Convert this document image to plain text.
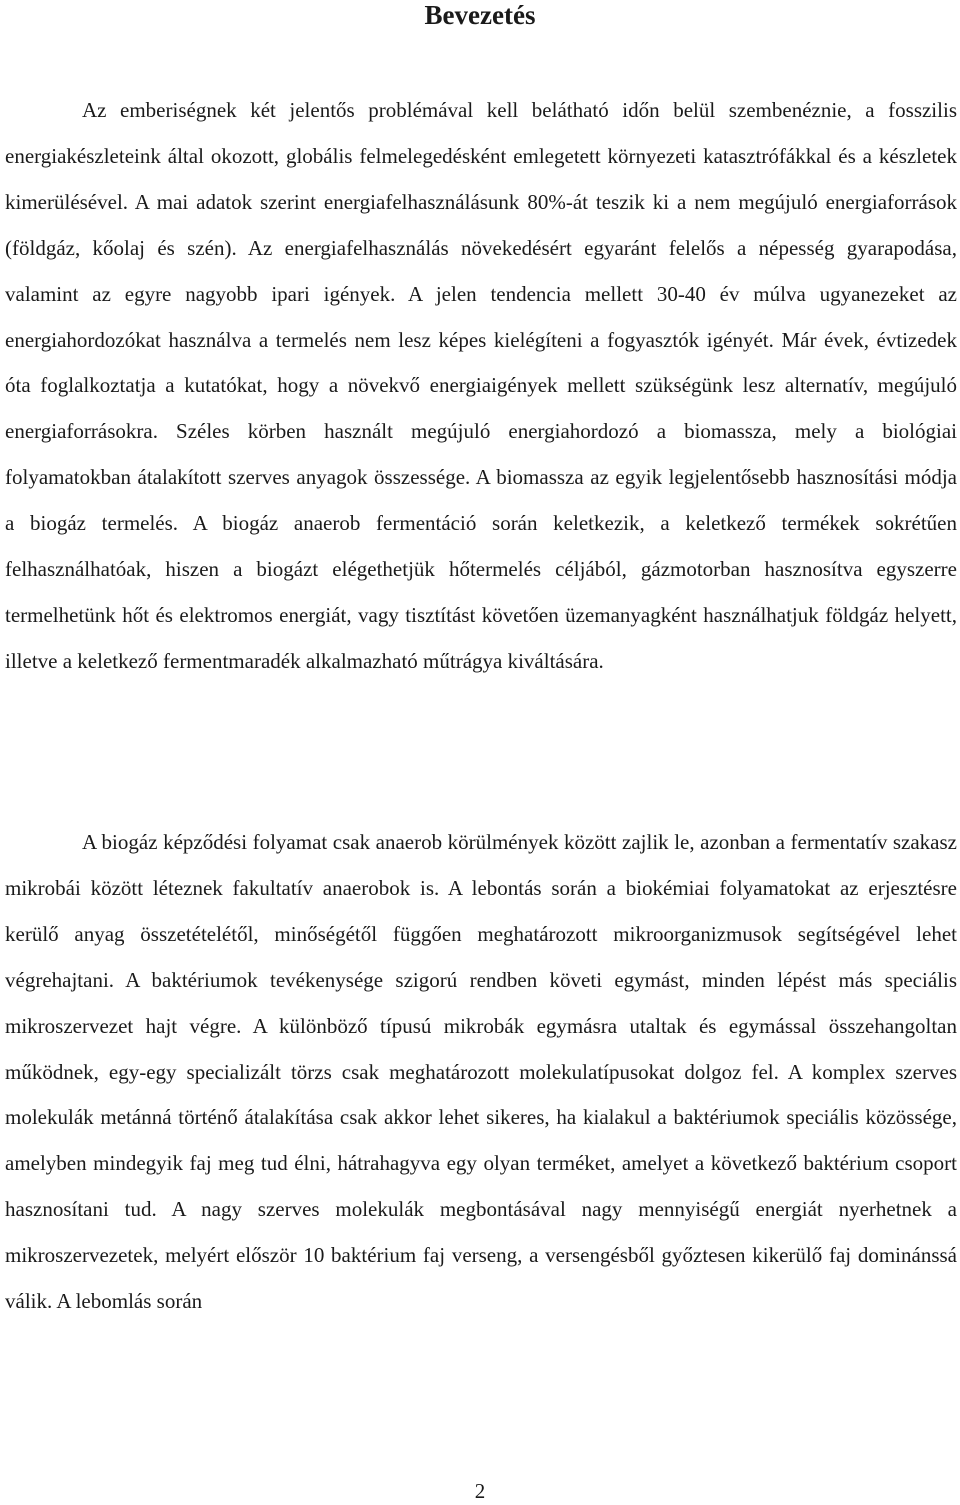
Bevezetés

Az emberiségnek két jelentős problémával kell belátható időn belül szembenéznie, a fosszilis energiakészleteink által okozott, globális felmelegedésként emlegetett környezeti katasztrófákkal és a készletek kimerülésével. A mai adatok szerint energiafelhasználásunk 80%-át teszik ki a nem megújuló energiaforrások (földgáz, kőolaj és szén). Az energiafelhasználás növekedésért egyaránt felelős a népesség gyarapodása, valamint az egyre nagyobb ipari igények. A jelen tendencia mellett 30-40 év múlva ugyanezeket az energiahordozókat használva a termelés nem lesz képes kielégíteni a fogyasztók igényét. Már évek, évtizedek óta foglalkoztatja a kutatókat, hogy a növekvő energiaigények mellett szükségünk lesz alternatív, megújuló energiaforrásokra. Széles körben használt megújuló energiahordozó a biomassza, mely a biológiai folyamatokban átalakított szerves anyagok összessége. A biomassza az egyik legjelentősebb hasznosítási módja a biogáz termelés. A biogáz anaerob fermentáció során keletkezik, a keletkező termékek sokrétűen felhasználhatóak, hiszen a biogázt elégethetjük hőtermelés céljából, gázmotorban hasznosítva egyszerre termelhetünk hőt és elektromos energiát, vagy tisztítást követően üzemanyagként használhatjuk földgáz helyett, illetve a keletkező fermentmaradék alkalmazható műtrágya kiváltására.

A biogáz képződési folyamat csak anaerob körülmények között zajlik le, azonban a fermentatív szakasz mikrobái között léteznek fakultatív anaerobok is. A lebontás során a biokémiai folyamatokat az erjesztésre kerülő anyag összetételétől, minőségétől függően meghatározott mikroorganizmusok segítségével lehet végrehajtani. A baktériumok tevékenysége szigorú rendben követi egymást, minden lépést más speciális mikroszervezet hajt végre. A különböző típusú mikrobák egymásra utaltak és egymással összehangoltan működnek, egy-egy specializált törzs csak meghatározott molekulatípusokat dolgoz fel. A komplex szerves molekulák metánná történő átalakítása csak akkor lehet sikeres, ha kialakul a baktériumok speciális közössége, amelyben mindegyik faj meg tud élni, hátrahagyva egy olyan terméket, amelyet a következő baktérium csoport hasznosítani tud. A nagy szerves molekulák megbontásával nagy mennyiségű energiát nyerhetnek a mikroszervezetek, melyért először 10 baktérium faj verseng, a versengésből győztesen kikerülő faj dominánssá válik. A lebomlás során

2
